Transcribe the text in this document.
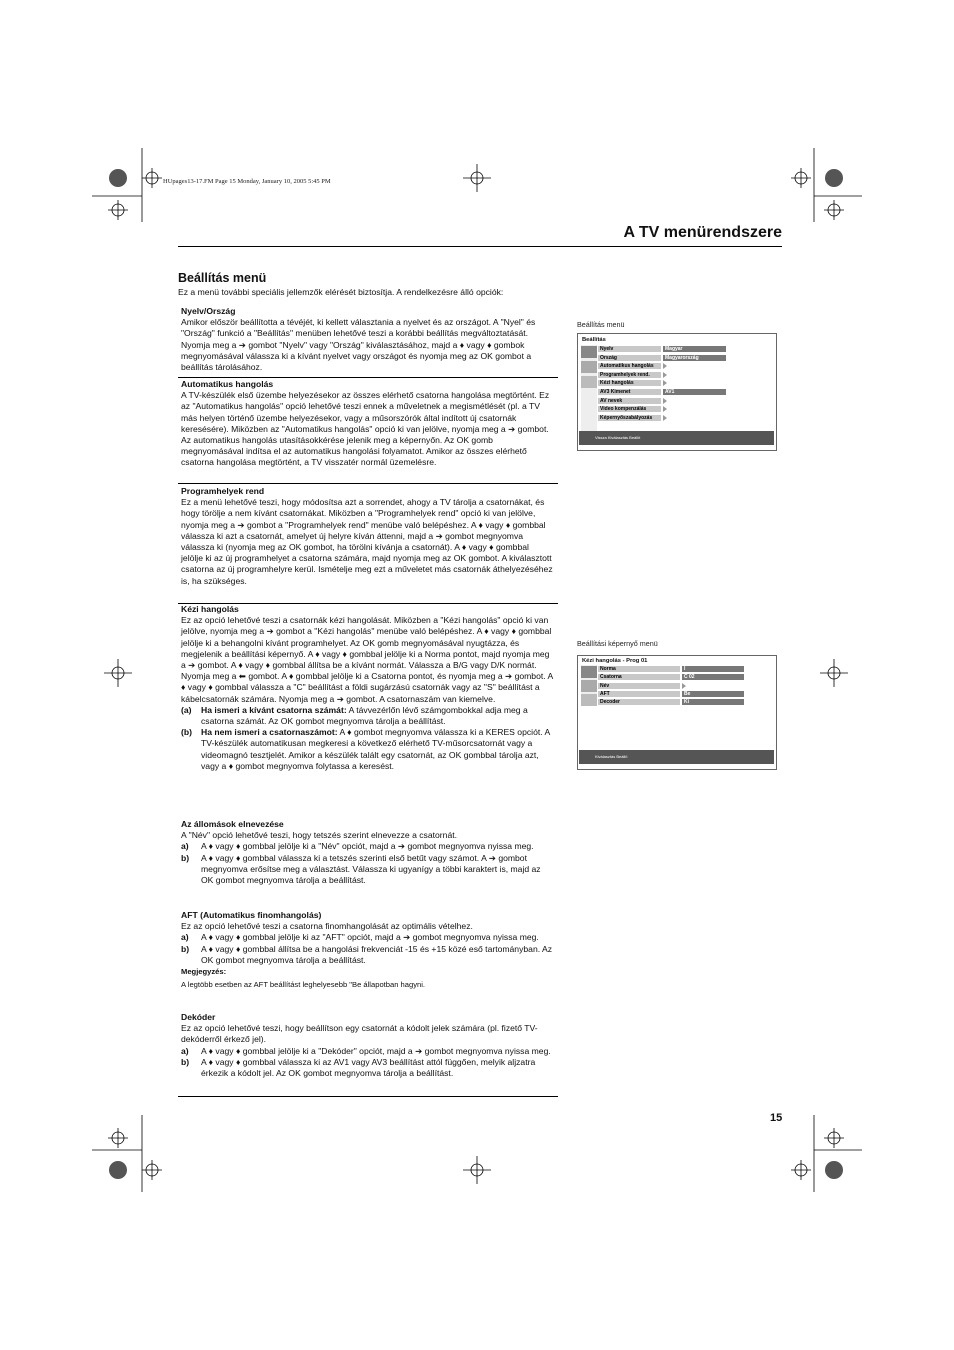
HUpages13-17.FM Page 15 Monday, January 10, 2005 5:45 PM
A TV menürendszere
Beállítás menü
Ez a menü további speciális jellemzők elérését biztosítja. A rendelkezésre álló opciók:

Nyelv/Ország

Amikor először beállította a tévéjét, ki kellett választania a nyelvet és az országot. A "Nyel" és "Ország" funkció a "Beállítás" menüben lehetővé teszi a korábbi beállítás megváltoztatását. Nyomja meg a ➔ gombot "Nyelv" vagy "Ország" kiválasztásához, majd a ♦ vagy ♦ gombok megnyomásával válassza ki a kívánt nyelvet vagy országot és nyomja meg az OK gombot a beállítás tárolásához.

Automatikus hangolás

A TV-készülék első üzembe helyezésekor az összes elérhető csatorna hangolása megtörtént. Ez az "Automatikus hangolás" opció lehetővé teszi ennek a műveletnek a megismétlését (pl. a TV más helyen történő üzembe helyezésekor, vagy a műsorszórók által indított új csatornák keresésére). Miközben az "Automatikus hangolás" opció ki van jelölve, nyomja meg a ➔ gombot. Az automatikus hangolás utasításokkérése jelenik meg a képernyőn. Az OK gomb megnyomásával indítsa el az automatikus hangolási folyamatot. Amikor az összes elérhető csatorna hangolása megtörtént, a TV visszatér normál üzemelésre.

Programhelyek rend

Ez a menü lehetővé teszi, hogy módosítsa azt a sorrendet, ahogy a TV tárolja a csatornákat, és hogy törölje a nem kívánt csatornákat. Miközben a "Programhelyek rend" opció ki van jelölve, nyomja meg a ➔ gombot a "Programhelyek rend" menübe való belépéshez. A ♦ vagy ♦ gombbal válassza ki azt a csatornát, amelyet új helyre kíván áttenni, majd a ➔ gombot megnyomva válassza ki (nyomja meg az OK gombot, ha törölni kívánja a csatornát). A ♦ vagy ♦ gombbal jelölje ki az új programhelyet a csatorna számára, majd nyomja meg az OK gombot. A kiválasztott csatorna az új programhelyre kerül. Ismételje meg ezt a műveletet más csatornák áthelyezéséhez is, ha szükséges.

Kézi hangolás

Ez az opció lehetővé teszi a csatornák kézi hangolását. Miközben a "Kézi hangolás" opció ki van jelölve, nyomja meg a ➔ gombot a "Kézi hangolás" menübe való belépéshez. A ♦ vagy ♦ gombbal jelölje ki a behangolni kívánt programhelyet. Az OK gomb megnyomásával nyugtázza, és megjelenik a beállítási képernyő. A ♦ vagy ♦ gombbal jelölje ki a Norma pontot, majd nyomja meg a ➔ gombot. A ♦ vagy ♦ gombbal állítsa be a kívánt normát. Válassza a B/G vagy D/K normát. Nyomja meg a ⬅ gombot. A ♦ gombbal jelölje ki a Csatorna pontot, és nyomja meg a ➔ gombot. A ♦ vagy ♦ gombbal válassza a "C" beállítást a földi sugárzású csatornák vagy az "S" beállítást a kábelcsatornák számára. Nyomja meg a ➔ gombot. A csatornaszám van kiemelve.

(a) Ha ismeri a kívánt csatorna számát: A távvezérlőn lévő számgombokkal adja meg a csatorna számát. Az OK gombot megnyomva tárolja a beállítást.
(b) Ha nem ismeri a csatornaszámot: A ♦ gombot megnyomva válassza ki a KERES opciót. A TV-készülék automatikusan megkeresi a következő elérhető TV-műsorcsatornát vagy a videomagnó tesztjelét. Amikor a készülék talált egy csatornát, az OK gombbal tárolja azt, vagy a ♦ gombot megnyomva folytassa a keresést.

Az állomások elnevezése

A "Név" opció lehetővé teszi, hogy tetszés szerint elnevezze a csatornát.

a) A ♦ vagy ♦ gombbal jelölje ki a "Név" opciót, majd a ➔ gombot megnyomva nyissa meg.
b) A ♦ vagy ♦ gombbal válassza ki a tetszés szerinti első betűt vagy számot. A ➔ gombot megnyomva erősítse meg a választást. Válassza ki ugyanígy a többi karaktert is, majd az OK gombot megnyomva tárolja a beállítást.

AFT (Automatikus finomhangolás)

Ez az opció lehetővé teszi a csatorna finomhangolását az optimális vételhez.

a) A ♦ vagy ♦ gombbal jelölje ki az "AFT" opciót, majd a ➔ gombot megnyomva nyissa meg.
b) A ♦ vagy ♦ gombbal állítsa be a hangolási frekvenciát -15 és +15 közé eső tartományban. Az OK gombot megnyomva tárolja a beállítást.

Megjegyzés:

A legtöbb esetben az AFT beállítást leghelyesebb "Be állapotban hagyni.

Dekóder

Ez az opció lehetővé teszi, hogy beállítson egy csatornát a kódolt jelek számára (pl. fizető TV-dekóderről érkező jel).

a) A ♦ vagy ♦ gombbal jelölje ki a "Dekóder" opciót, majd a ➔ gombot megnyomva nyissa meg.
b) A ♦ vagy ♦ gombbal válassza ki az AV1 vagy AV3 beállítást attól függően, melyik aljzatra érkezik a kódolt jel. Az OK gombot megnyomva tárolja a beállítást.
15
Beállítás menü
Beállítás
Nyelv	Magyar
Ország	Magyarország
Automatikus hangolás
Programhelyek rend.
Kézi hangolás
AV3 Kimenet	AV1
AV nevek
Video kompenzálás
Képernyőszabályozás
Vissza Kiválasztás Beállít
Beállítási képernyő menü
Kézi hangolás - Prog 01
Norma	I
Csatorna	C 02
Név
AFT	Be
Decoder	Ki
Kiválasztás Beállít
